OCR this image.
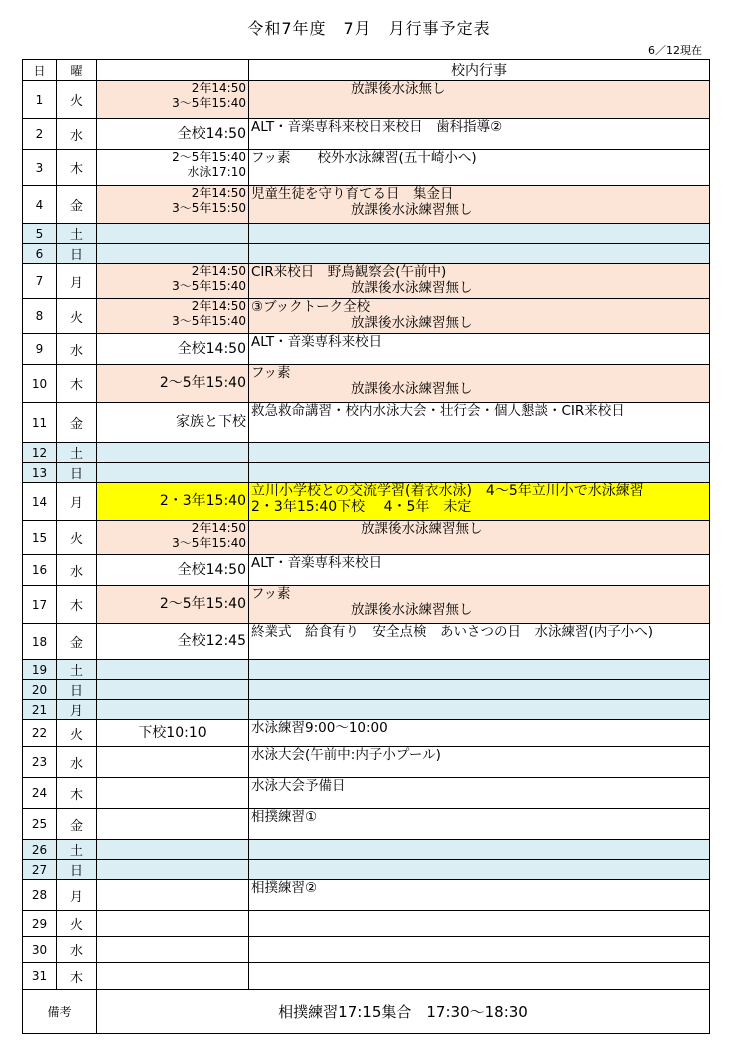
令和7年度　7月　月行事予定表
6／12現在
日	曜		校内行事
1	火	2年14:50
3～5年15:40	放課後水泳無し

2	水	全校14:50	ALT・音楽専科来校日来校日　歯科指導②

3	木	2～5年15:40
水泳17:10	フッ素　　校外水泳練習(五十崎小へ)

4	金	2年14:50
3～5年15:50	児童生徒を守り育てる日　集金日
放課後水泳練習無し

5	土		
6	日		
7	月	2年14:50
3～5年15:40	CIR来校日　野鳥観察会(午前中)
放課後水泳練習無し

8	火	2年14:50
3～5年15:40	③ブックトーク全校
放課後水泳練習無し

9	水	全校14:50	ALT・音楽専科来校日

10	木	2～5年15:40	フッ素
放課後水泳練習無し

11	金	家族と下校	救急救命講習・校内水泳大会・壮行会・個人懇談・CIR来校日

12	土		
13	日		
14	月	2・3年15:40	立川小学校との交流学習(着衣水泳)　4～5年立川小で水泳練習
2・3年15:40下校　 4・5年　未定

15	火	2年14:50
3～5年15:40	放課後水泳練習無し

16	水	全校14:50	ALT・音楽専科来校日

17	木	2～5年15:40	フッ素
放課後水泳練習無し

18	金	全校12:45	終業式　給食有り　安全点検　あいさつの日　水泳練習(内子小へ)

19	土		
20	日		
21	月		
22	火	下校10:10	水泳練習9:00～10:00

23	水		水泳大会(午前中:内子小プール)

24	木		水泳大会予備日

25	金		相撲練習①

26	土		
27	日		
28	月		相撲練習②

29	火		
30	水		
31	木		
備考		相撲練習17:15集合　17:30～18:30	
